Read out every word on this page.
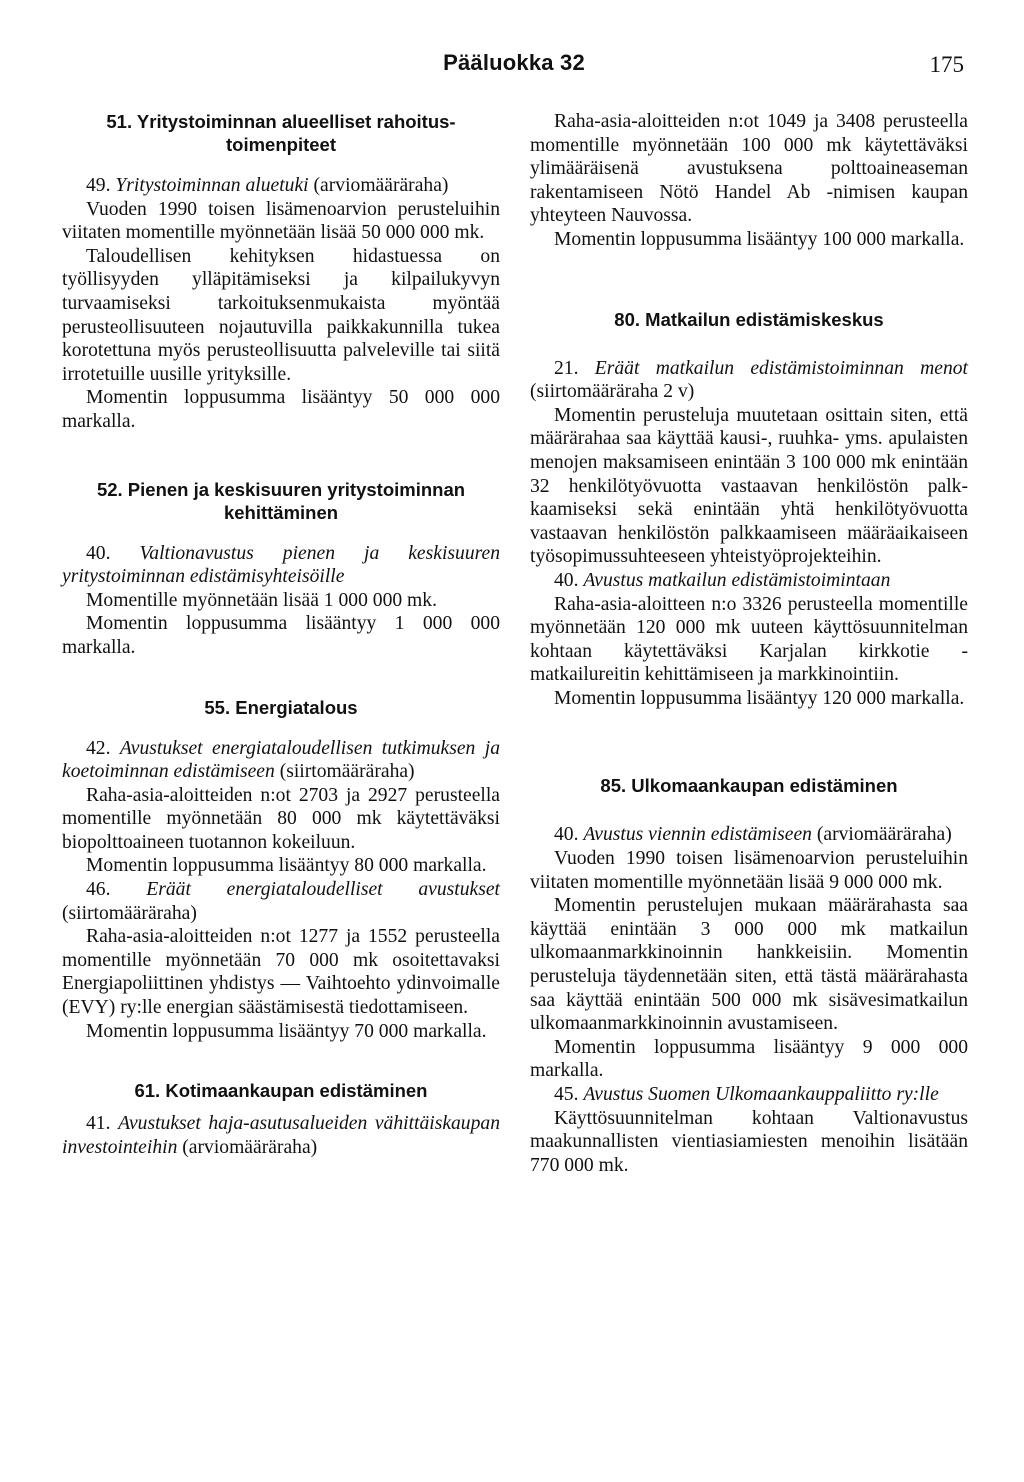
Pääluokka 32	175

51. Yritystoiminnan alueelliset rahoitus-
toimenpiteet

49. Yritystoiminnan aluetuki (arviomääräraha)

Vuoden 1990 toisen lisämenoarvion perusteluihin viitaten momentille myönnetään lisää 50 000 000 mk.

Taloudellisen kehityksen hidastuessa on työllisyyden ylläpitämiseksi ja kilpailukyvyn turvaamiseksi tarkoituksenmukaista myöntää perusteollisuuteen nojautuvilla paikkakunnilla tukea korotettuna myös perusteollisuutta palveleville tai siitä irrotetuille uusille yrityksille.

Momentin loppusumma lisääntyy 50 000 000 markalla.

52. Pienen ja keskisuuren yritystoiminnan
kehittäminen

40. Valtionavustus pienen ja keskisuuren yritystoiminnan edistämisyhteisöille

Momentille myönnetään lisää 1 000 000 mk.

Momentin loppusumma lisääntyy 1 000 000 markalla.

55. Energiatalous

42. Avustukset energiataloudellisen tutkimuksen ja koetoiminnan edistämiseen (siirtomääräraha)

Raha-asia-aloitteiden n:ot 2703 ja 2927 perusteella momentille myönnetään 80 000 mk käytettäväksi biopolttoaineen tuotannon kokeiluun.

Momentin loppusumma lisääntyy 80 000 markalla.

46. Eräät energiataloudelliset avustukset (siirtomääräraha)

Raha-asia-aloitteiden n:ot 1277 ja 1552 perusteella momentille myönnetään 70 000 mk osoitettavaksi Energiapoliittinen yhdistys — Vaihtoehto ydinvoimalle (EVY) ry:lle energian säästämisestä tiedottamiseen.

Momentin loppusumma lisääntyy 70 000 markalla.

61. Kotimaankaupan edistäminen

41. Avustukset haja-asutusalueiden vähittäiskaupan investointeihin (arviomääräraha)

Raha-asia-aloitteiden n:ot 1049 ja 3408 perusteella momentille myönnetään 100 000 mk käytettäväksi ylimääräisenä avustuksena polttoaineaseman rakentamiseen Nötö Handel Ab -nimisen kaupan yhteyteen Nauvossa.

Momentin loppusumma lisääntyy 100 000 markalla.

80. Matkailun edistämiskeskus

21. Eräät matkailun edistämistoiminnan menot (siirtomääräraha 2 v)

Momentin perusteluja muutetaan osittain siten, että määrärahaa saa käyttää kausi-, ruuhka- yms. apulaisten menojen maksamiseen enintään 3 100 000 mk enintään 32 henkilötyövuotta vastaavan henkilöstön palkkaamiseksi sekä enintään yhtä henkilötyövuotta vastaavan henkilöstön palkkaamiseen määräaikaiseen työsopimussuhteeseen yhteistyöprojekteihin.

40. Avustus matkailun edistämistoimintaan

Raha-asia-aloitteen n:o 3326 perusteella momentille myönnetään 120 000 mk uuteen käyttösuunnitelman kohtaan käytettäväksi Karjalan kirkkotie -matkailureitin kehittämiseen ja markkinointiin.

Momentin loppusumma lisääntyy 120 000 markalla.

85. Ulkomaankaupan edistäminen

40. Avustus viennin edistämiseen (arviomääräraha)

Vuoden 1990 toisen lisämenoarvion perusteluihin viitaten momentille myönnetään lisää 9 000 000 mk.

Momentin perustelujen mukaan määrärahasta saa käyttää enintään 3 000 000 mk matkailun ulkomaanmarkkinoinnin hankkeisiin. Momentin perusteluja täydennetään siten, että tästä määrärahasta saa käyttää enintään 500 000 mk sisävesimatkailun ulkomaanmarkkinoinnin avustamiseen.

Momentin loppusumma lisääntyy 9 000 000 markalla.

45. Avustus Suomen Ulkomaankauppaliitto ry:lle

Käyttösuunnitelman kohtaan Valtionavustus maakunnallisten vientiasiamiesten menoihin lisätään 770 000 mk.
